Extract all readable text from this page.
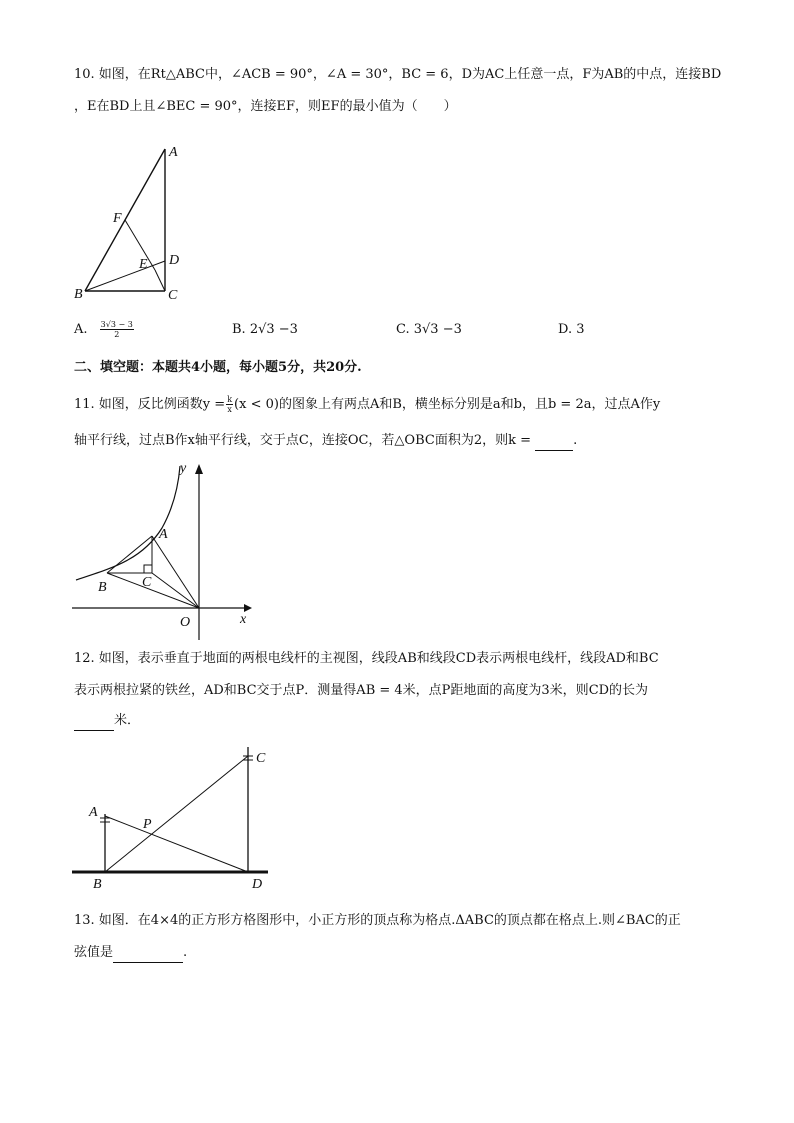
10. 如图，在Rt△ABC中，∠ACB = 90°，∠A = 30°，BC = 6，D为AC上任意一点，F为AB的中点，连接BD
，E在BD上且∠BEC = 90°，连接EF，则EF的最小值为（　　）
A
F
E D
B	C
A. $\frac{3√3 - 3}{2}$	B. 2√3 −3	C. 3√3 −3	D. 3
二、填空题：本题共4小题，每小题5分，共20分.
11. 如图，反比例函数$y = \frac{k}{x} (x < 0)$的图象上有两点A和B，横坐标分别是a和b，且b = 2a，过点A作y
轴平行线，过点B作x轴平行线，交于点C，连接OC，若△OBC面积为2，则k =	.
y
A
B	C
O	x
12. 如图，表示垂直于地面的两根电线杆的主视图，线段AB和线段CD表示两根电线杆，线段AD和BC
表示两根拉紧的铁丝，AD和BC交于点P．测量得AB = 4米，点P距地面的高度为3米，则CD的长为
米．
A
P
C
B	D
13. 如图．在4×4的正方形方格图形中，小正方形的顶点称为格点.ΔABC的顶点都在格点上.则∠BAC的正
弦值是	.
